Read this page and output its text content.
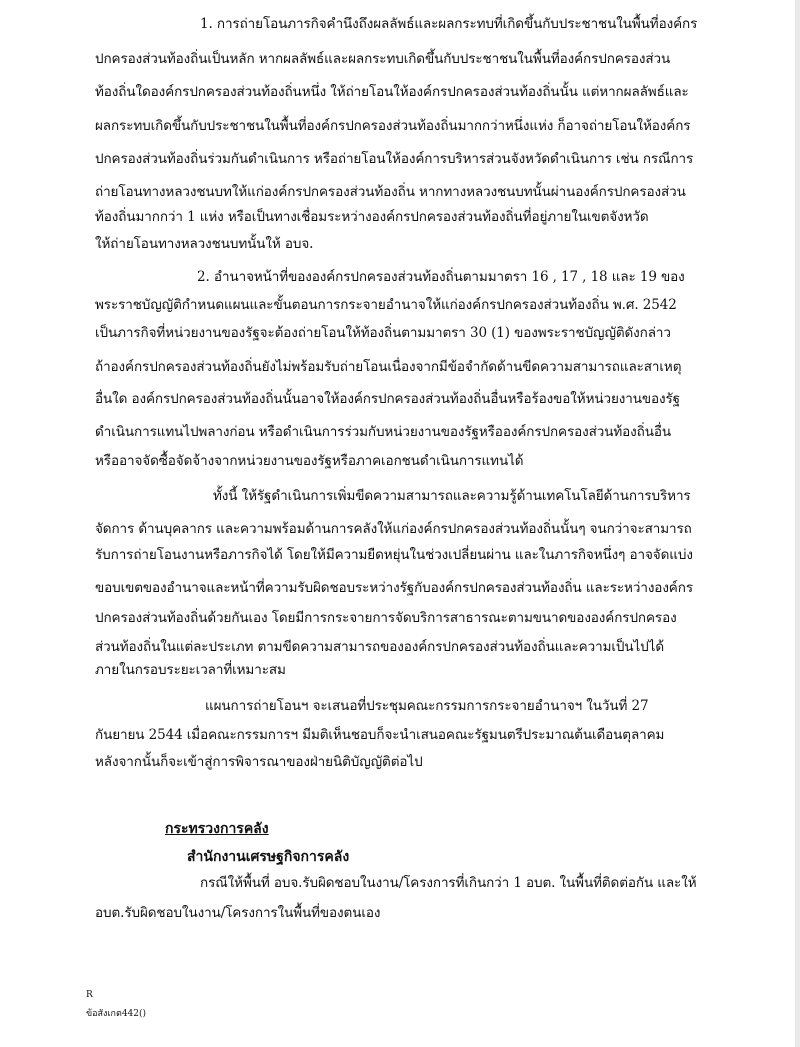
1. การถ่ายโอนภารกิจคำนึงถึงผลลัพธ์และผลกระทบที่เกิดขึ้นกับประชาชนในพื้นที่องค์กร
ปกครองส่วนท้องถิ่นเป็นหลัก หากผลลัพธ์และผลกระทบเกิดขึ้นกับประชาชนในพื้นที่องค์กรปกครองส่วน
ท้องถิ่นใดองค์กรปกครองส่วนท้องถิ่นหนึ่ง ให้ถ่ายโอนให้องค์กรปกครองส่วนท้องถิ่นนั้น แต่หากผลลัพธ์และ
ผลกระทบเกิดขึ้นกับประชาชนในพื้นที่องค์กรปกครองส่วนท้องถิ่นมากกว่าหนึ่งแห่ง ก็อาจถ่ายโอนให้องค์กร
ปกครองส่วนท้องถิ่นร่วมกันดำเนินการ หรือถ่ายโอนให้องค์การบริหารส่วนจังหวัดดำเนินการ เช่น กรณีการ
ถ่ายโอนทางหลวงชนบทให้แก่องค์กรปกครองส่วนท้องถิ่น หากทางหลวงชนบทนั้นผ่านองค์กรปกครองส่วน
ท้องถิ่นมากกว่า 1 แห่ง หรือเป็นทางเชื่อมระหว่างองค์กรปกครองส่วนท้องถิ่นที่อยู่ภายในเขตจังหวัด
ให้ถ่ายโอนทางหลวงชนบทนั้นให้ อบจ.
2. อำนาจหน้าที่ขององค์กรปกครองส่วนท้องถิ่นตามมาตรา 16 , 17 , 18 และ 19 ของ
พระราชบัญญัติกำหนดแผนและขั้นตอนการกระจายอำนาจให้แก่องค์กรปกครองส่วนท้องถิ่น พ.ศ. 2542
เป็นภารกิจที่หน่วยงานของรัฐจะต้องถ่ายโอนให้ท้องถิ่นตามมาตรา 30 (1) ของพระราชบัญญัติดังกล่าว
ถ้าองค์กรปกครองส่วนท้องถิ่นยังไม่พร้อมรับถ่ายโอนเนื่องจากมีข้อจำกัดด้านขีดความสามารถและสาเหตุ
อื่นใด องค์กรปกครองส่วนท้องถิ่นนั้นอาจให้องค์กรปกครองส่วนท้องถิ่นอื่นหรือร้องขอให้หน่วยงานของรัฐ
ดำเนินการแทนไปพลางก่อน หรือดำเนินการร่วมกับหน่วยงานของรัฐหรือองค์กรปกครองส่วนท้องถิ่นอื่น
หรืออาจจัดซื้อจัดจ้างจากหน่วยงานของรัฐหรือภาคเอกชนดำเนินการแทนได้
ทั้งนี้ ให้รัฐดำเนินการเพิ่มขีดความสามารถและความรู้ด้านเทคโนโลยีด้านการบริหาร
จัดการ ด้านบุคลากร และความพร้อมด้านการคลังให้แก่องค์กรปกครองส่วนท้องถิ่นนั้นๆ จนกว่าจะสามารถ
รับการถ่ายโอนงานหรือภารกิจได้ โดยให้มีความยืดหยุ่นในช่วงเปลี่ยนผ่าน และในภารกิจหนึ่งๆ อาจจัดแบ่ง
ขอบเขตของอำนาจและหน้าที่ความรับผิดชอบระหว่างรัฐกับองค์กรปกครองส่วนท้องถิ่น และระหว่างองค์กร
ปกครองส่วนท้องถิ่นด้วยกันเอง โดยมีการกระจายการจัดบริการสาธารณะตามขนาดขององค์กรปกครอง
ส่วนท้องถิ่นในแต่ละประเภท ตามขีดความสามารถขององค์กรปกครองส่วนท้องถิ่นและความเป็นไปได้
ภายในกรอบระยะเวลาที่เหมาะสม
แผนการถ่ายโอนฯ จะเสนอที่ประชุมคณะกรรมการกระจายอำนาจฯ ในวันที่ 27
กันยายน 2544 เมื่อคณะกรรมการฯ มีมติเห็นชอบก็จะนำเสนอคณะรัฐมนตรีประมาณต้นเดือนตุลาคม
หลังจากนั้นก็จะเข้าสู่การพิจารณาของฝ่ายนิติบัญญัติต่อไป
กระทรวงการคลัง
สำนักงานเศรษฐกิจการคลัง
กรณีให้พื้นที่ อบจ.รับผิดชอบในงาน/โครงการที่เกินกว่า 1 อบต. ในพื้นที่ติดต่อกัน และให้
อบต.รับผิดชอบในงาน/โครงการในพื้นที่ของตนเอง
R
ข้อสังเกต442()
